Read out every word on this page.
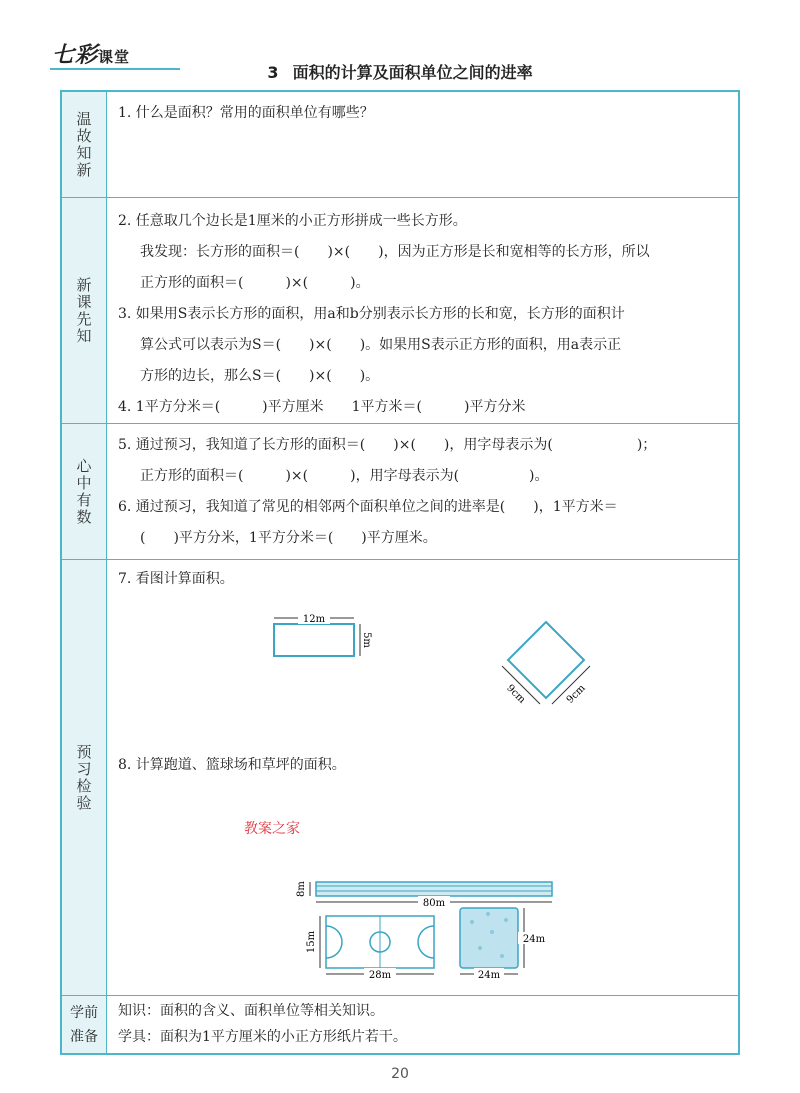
七彩课堂
3 面积的计算及面积单位之间的进率
温故知新 1. 什么是面积？常用的面积单位有哪些？

新课先知

2. 任意取几个边长是1厘米的小正方形拼成一些长方形。

我发现：长方形的面积＝(　　)×(　　)，因为正方形是长和宽相等的长方形，所以

正方形的面积＝(　　　)×(　　　)。

3. 如果用S表示长方形的面积，用a和b分别表示长方形的长和宽，长方形的面积计

算公式可以表示为S＝(　　)×(　　)。如果用S表示正方形的面积，用a表示正

方形的边长，那么S＝(　　)×(　　)。

4. 1平方分米＝(　　　)平方厘米　　1平方米＝(　　　)平方分米

心中有数

5. 通过预习，我知道了长方形的面积＝(　　)×(　　)，用字母表示为(　　　　　　)；

正方形的面积＝(　　　)×(　　　)，用字母表示为(　　　　　)。

6. 通过预习，我知道了常见的相邻两个面积单位之间的进率是(　　)，1平方米＝

(　　)平方分米，1平方分米＝(　　)平方厘米。

预习检验

7. 看图计算面积。

8. 计算跑道、篮球场和草坪的面积。

12m
5m
9cm	9cm
8m
80m
15m
28m
24m
24m
学前
准备

知识：面积的含义、面积单位等相关知识。

学具：面积为1平方厘米的小正方形纸片若干。

教案之家
20
